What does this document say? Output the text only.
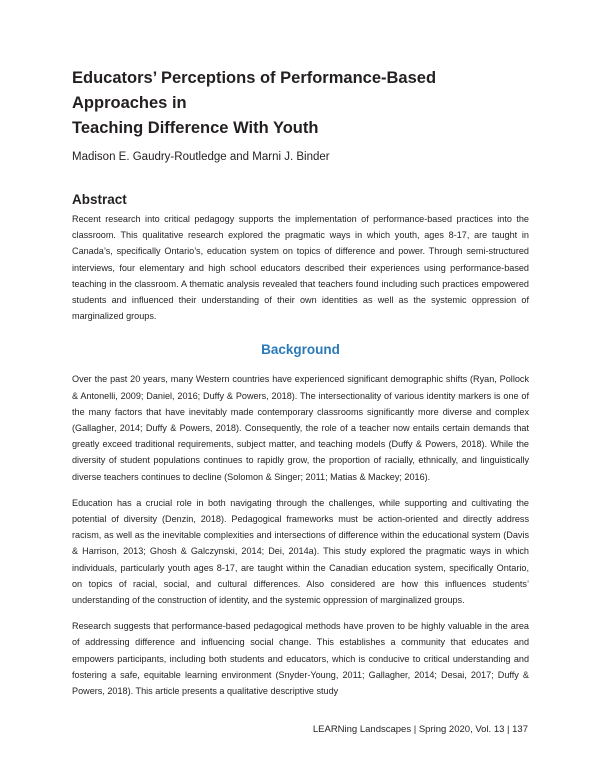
Educators’ Perceptions of Performance-Based Approaches in
Teaching Difference With Youth
Madison E. Gaudry-Routledge and Marni J. Binder
Abstract

Recent research into critical pedagogy supports the implementation of performance-based practices into the classroom. This qualitative research explored the pragmatic ways in which youth, ages 8-17, are taught in Canada’s, specifically Ontario’s, education system on topics of difference and power. Through semi-structured interviews, four elementary and high school educators described their experiences using performance-based teaching in the classroom. A thematic analysis revealed that teachers found including such practices empowered students and influenced their understanding of their own identities as well as the systemic oppression of marginalized groups.

Background

Over the past 20 years, many Western countries have experienced significant demographic shifts (Ryan, Pollock & Antonelli, 2009; Daniel, 2016; Duffy & Powers, 2018). The intersectionality of various identity markers is one of the many factors that have inevitably made contemporary classrooms significantly more diverse and complex (Gallagher, 2014; Duffy & Powers, 2018). Consequently, the role of a teacher now entails certain demands that greatly exceed traditional requirements, subject matter, and teaching models (Duffy & Powers, 2018). While the diversity of student populations continues to rapidly grow, the proportion of racially, ethnically, and linguistically diverse teachers continues to decline (Solomon & Singer; 2011; Matias & Mackey; 2016).

Education has a crucial role in both navigating through the challenges, while supporting and cultivating the potential of diversity (Denzin, 2018). Pedagogical frameworks must be action-oriented and directly address racism, as well as the inevitable complexities and intersections of difference within the educational system (Davis & Harrison, 2013; Ghosh & Galczynski, 2014; Dei, 2014a). This study explored the pragmatic ways in which individuals, particularly youth ages 8-17, are taught within the Canadian education system, specifically Ontario, on topics of racial, social, and cultural differences. Also considered are how this influences students’ understanding of the construction of identity, and the systemic oppression of marginalized groups.

Research suggests that performance-based pedagogical methods have proven to be highly valuable in the area of addressing difference and influencing social change. This establishes a community that educates and empowers participants, including both students and educators, which is conducive to critical understanding and fostering a safe, equitable learning environment (Snyder-Young, 2011; Gallagher, 2014; Desai, 2017; Duffy & Powers, 2018). This article presents a qualitative descriptive study

LEARNing Landscapes | Spring 2020, Vol. 13 | 137
